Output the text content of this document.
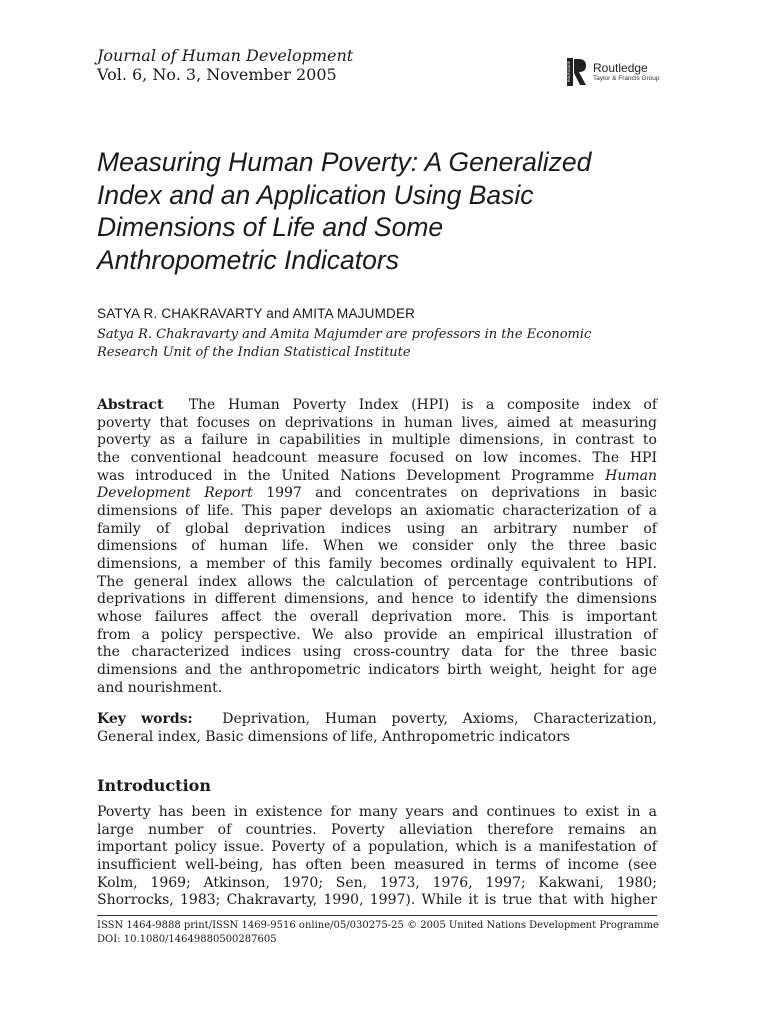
Journal of Human Development
Vol. 6, No. 3, November 2005	ROUTLEDGE Routledge
Taylor & Francis Group
Measuring Human Poverty: A Generalized
Index and an Application Using Basic
Dimensions of Life and Some
Anthropometric Indicators
SATYA R. CHAKRAVARTY and AMITA MAJUMDER
Satya R. Chakravarty and Amita Majumder are professors in the Economic
Research Unit of the Indian Statistical Institute
Abstract The Human Poverty Index (HPI) is a composite index of
poverty that focuses on deprivations in human lives, aimed at measuring
poverty as a failure in capabilities in multiple dimensions, in contrast to
the conventional headcount measure focused on low incomes. The HPI
was introduced in the United Nations Development Programme Human
Development Report 1997 and concentrates on deprivations in basic
dimensions of life. This paper develops an axiomatic characterization of a
family of global deprivation indices using an arbitrary number of
dimensions of human life. When we consider only the three basic
dimensions, a member of this family becomes ordinally equivalent to HPI.
The general index allows the calculation of percentage contributions of
deprivations in different dimensions, and hence to identify the dimensions
whose failures affect the overall deprivation more. This is important
from a policy perspective. We also provide an empirical illustration of
the characterized indices using cross-country data for the three basic
dimensions and the anthropometric indicators birth weight, height for age
and nourishment.
Key words: Deprivation, Human poverty, Axioms, Characterization,
General index, Basic dimensions of life, Anthropometric indicators
Introduction
Poverty has been in existence for many years and continues to exist in a
large number of countries. Poverty alleviation therefore remains an
important policy issue. Poverty of a population, which is a manifestation of
insufficient well-being, has often been measured in terms of income (see
Kolm, 1969; Atkinson, 1970; Sen, 1973, 1976, 1997; Kakwani, 1980;
Shorrocks, 1983; Chakravarty, 1990, 1997). While it is true that with higher
ISSN 1464-9888 print/ISSN 1469-9516 online/05/030275-25 © 2005 United Nations Development Programme
DOI: 10.1080/14649880500287605
